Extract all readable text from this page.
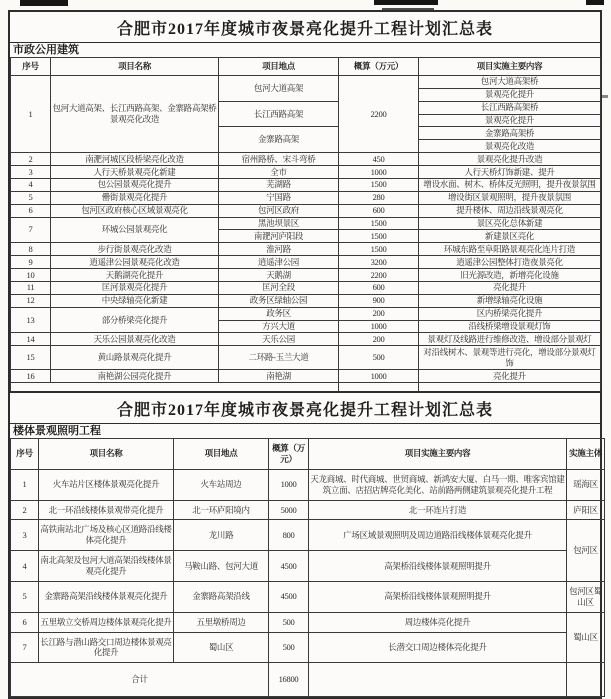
合肥市2017年度城市夜景亮化提升工程计划汇总表
市政公用建筑
序号	项目名称	项目地点	概算（万元）	项目实施主要内容
1	包河大道高架、长江西路高架、金寨路高架桥景观亮化改造	包河大道高架	2200	包河大道高架桥
				景观亮化提升
		长江西路高架		长江西路高架桥
				景观亮化提升
		金寨路高架		金寨路高架桥
				景观亮化改造
2	南淝河城区段桥梁亮化改造	宿州路桥、宋斗弯桥	450	景观亮化提升改造
3	人行天桥景观亮化新建	全市	1000	人行天桥灯饰新建、提升
4	包公园景观亮化提升	芜湖路	1500	增设水面、树木、桥体反光照明，提升夜景氛围
5	罍街景观亮化提升	宁国路	280	增设街区景观照明，提升夜景氛围
6	包河区政府核心区域景观亮化	包河区政府	600	提升楼体、周边沿线景观亮化
7	环城公园景观亮化	黑池坝景区	1500	景区亮化总体新建
		南淝河庐阳段	1500	新建景区亮化
8	步行街景观亮化改造	淮河路	1500	环城东路至阜阳路景观亮化连片打造
9	逍遥津公园景观亮化改造	逍遥津公园	3200	逍遥津公园整体打造夜景亮化
10	天鹅湖亮化提升	天鹅湖	2200	旧光源改造，新增亮化设施
11	匡河景观亮化提升	匡河全段	600	亮化提升
12	中央绿轴亮化新建	政务区绿轴公园	900	新增绿轴亮化设施
13	部分桥梁亮化提升	政务区	200	区内桥梁亮化提升
		方兴大道	1000	沿线桥梁增设景观灯饰
14	天乐公园景观亮化改造	天乐公园	200	景观灯及线路进行维修改造、增设部分景观灯
15	黄山路景观亮化提升	二环路-玉兰大道	500	对沿线树木、景观等进行亮化，增设部分景观灯饰
16	南艳湖公园亮化提升	南艳湖	1000	亮化提升

合肥市2017年度城市夜景亮化提升工程计划汇总表
楼体景观照明工程
序号	项目名称	项目地点	概算（万元）	项目实施主要内容	实施主体
1	火车站片区楼体景观亮化提升	火车站周边	1000	天龙商城、时代商城、世贸商城、新鸿安大厦、白马一期、唯客宾馆建筑立面、店招店牌亮化美化、站前路两侧建筑景观亮化提升工程	瑶海区
2	北一环沿线楼体景观带亮化提升	北一环庐阳境内	5000	北一环连片打造	庐阳区
3	高铁南站北广场及核心区道路沿线楼体亮化提升	龙川路	800	广场区域景观照明及周边道路沿线楼体景观亮化提升	包河区
4	南北高架及包河大道高架沿线楼体景观亮化提升	马鞍山路、包河大道	4500	高架桥沿线楼体景观照明提升	
5	金寨路高架沿线楼体景观亮化提升	金寨路高架沿线	4500	高架桥沿线楼体景观照明提升	包河区蜀山区
6	五里墩立交桥周边楼体景观亮化提升	五里墩桥周边	500	周边楼体亮化提升	蜀山区
7	长江路与潜山路交口周边楼体景观亮化提升	蜀山区	500	长潜交口周边楼体亮化提升	
合计			16800		
